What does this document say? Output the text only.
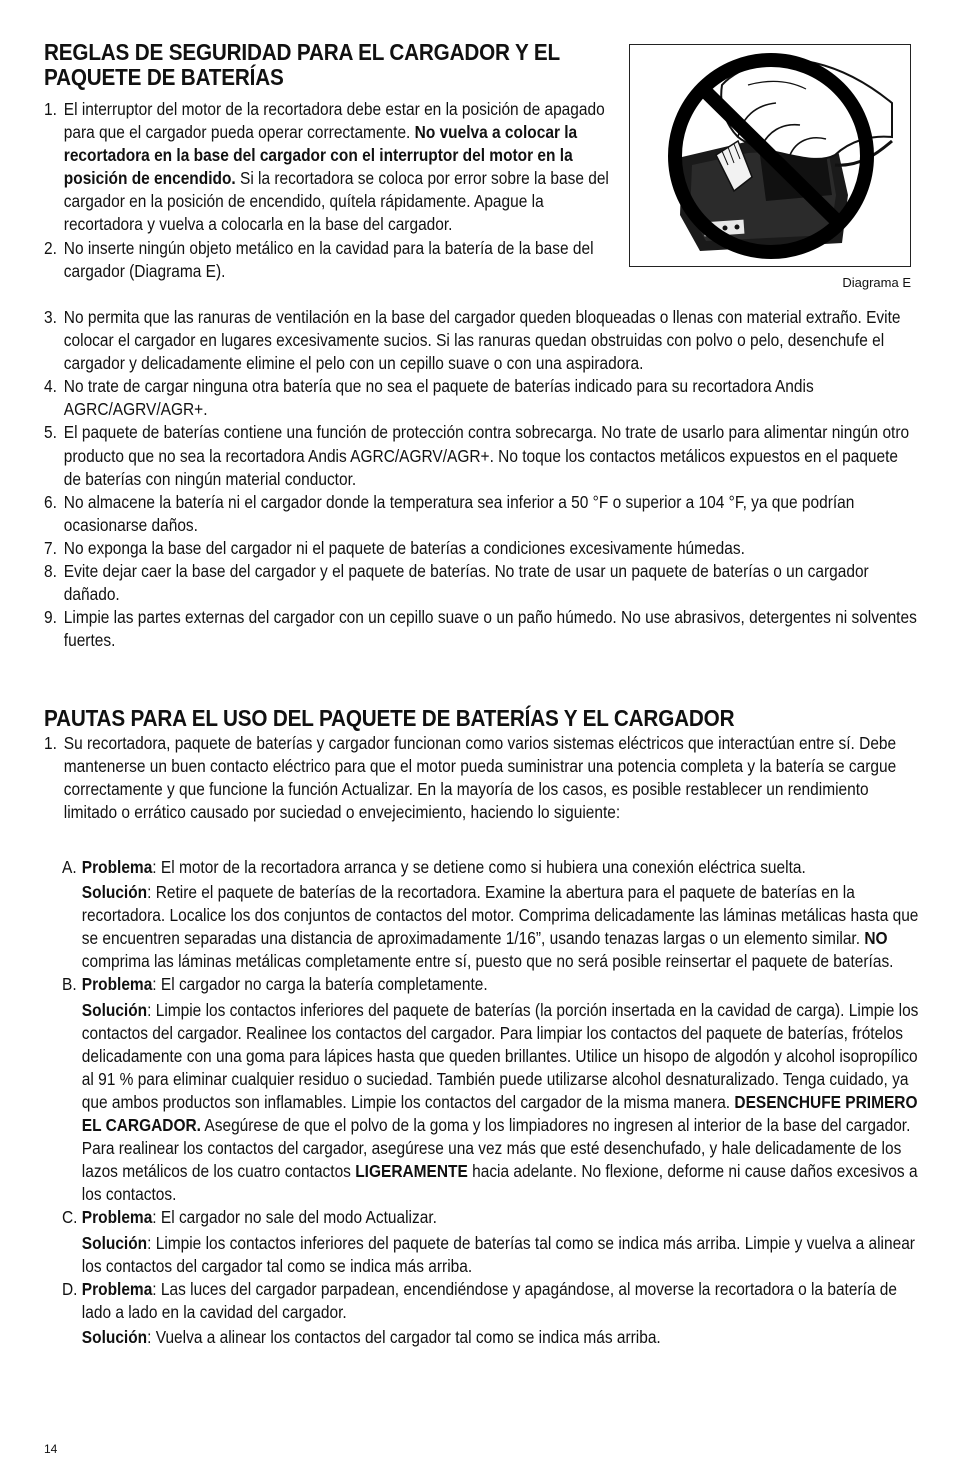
REGLAS DE SEGURIDAD PARA EL CARGADOR Y EL PAQUETE DE BATERÍAS
1. El interruptor del motor de la recortadora debe estar en la posición de apagado para que el cargador pueda operar correctamente. No vuelva a colocar la recortadora en la base del cargador con el interruptor del motor en la posición de encendido. Si la recortadora se coloca por error sobre la base del cargador en la posición de encendido, quítela rápidamente. Apague la recortadora y vuelva a colocarla en la base del cargador.
2. No inserte ningún objeto metálico en la cavidad para la batería de la base del cargador (Diagrama E).
Diagrama E
3. No permita que las ranuras de ventilación en la base del cargador queden bloqueadas o llenas con material extraño. Evite colocar el cargador en lugares excesivamente sucios. Si las ranuras quedan obstruidas con polvo o pelo, desenchufe el cargador y delicadamente elimine el pelo con un cepillo suave o con una aspiradora.
4. No trate de cargar ninguna otra batería que no sea el paquete de baterías indicado para su recortadora Andis AGRC/AGRV/AGR+.
5. El paquete de baterías contiene una función de protección contra sobrecarga. No trate de usarlo para alimentar ningún otro producto que no sea la recortadora Andis AGRC/AGRV/AGR+. No toque los contactos metálicos expuestos en el paquete de baterías con ningún material conductor.
6. No almacene la batería ni el cargador donde la temperatura sea inferior a 50 °F o superior a 104 °F, ya que podrían ocasionarse daños.
7. No exponga la base del cargador ni el paquete de baterías a condiciones excesivamente húmedas.
8. Evite dejar caer la base del cargador y el paquete de baterías. No trate de usar un paquete de baterías o un cargador dañado.
9. Limpie las partes externas del cargador con un cepillo suave o un paño húmedo. No use abrasivos, detergentes ni solventes fuertes.
PAUTAS PARA EL USO DEL PAQUETE DE BATERÍAS Y EL CARGADOR
1. Su recortadora, paquete de baterías y cargador funcionan como varios sistemas eléctricos que interactúan entre sí. Debe mantenerse un buen contacto eléctrico para que el motor pueda suministrar una potencia completa y la batería se cargue correctamente y que funcione la función Actualizar. En la mayoría de los casos, es posible restablecer un rendimiento limitado o errático causado por suciedad o envejecimiento, haciendo lo siguiente:
A. Problema: El motor de la recortadora arranca y se detiene como si hubiera una conexión eléctrica suelta.
Solución: Retire el paquete de baterías de la recortadora. Examine la abertura para el paquete de baterías en la recortadora. Localice los dos conjuntos de contactos del motor. Comprima delicadamente las láminas metálicas hasta que se encuentren separadas una distancia de aproximadamente 1/16”, usando tenazas largas o un elemento similar. NO comprima las láminas metálicas completamente entre sí, puesto que no será posible reinsertar el paquete de baterías.
B. Problema: El cargador no carga la batería completamente.
Solución: Limpie los contactos inferiores del paquete de baterías (la porción insertada en la cavidad de carga). Limpie los contactos del cargador. Realinee los contactos del cargador. Para limpiar los contactos del paquete de baterías, frótelos delicadamente con una goma para lápices hasta que queden brillantes. Utilice un hisopo de algodón y alcohol isopropílico al 91 % para eliminar cualquier residuo o suciedad. También puede utilizarse alcohol desnaturalizado. Tenga cuidado, ya que ambos productos son inflamables. Limpie los contactos del cargador de la misma manera. DESENCHUFE PRIMERO EL CARGADOR. Asegúrese de que el polvo de la goma y los limpiadores no ingresen al interior de la base del cargador. Para realinear los contactos del cargador, asegúrese una vez más que esté desenchufado, y hale delicadamente de los lazos metálicos de los cuatro contactos LIGERAMENTE hacia adelante. No flexione, deforme ni cause daños excesivos a los contactos.
C. Problema: El cargador no sale del modo Actualizar.
Solución: Limpie los contactos inferiores del paquete de baterías tal como se indica más arriba. Limpie y vuelva a alinear los contactos del cargador tal como se indica más arriba.
D. Problema: Las luces del cargador parpadean, encendiéndose y apagándose, al moverse la recortadora o la batería de lado a lado en la cavidad del cargador.
Solución: Vuelva a alinear los contactos del cargador tal como se indica más arriba.
14
